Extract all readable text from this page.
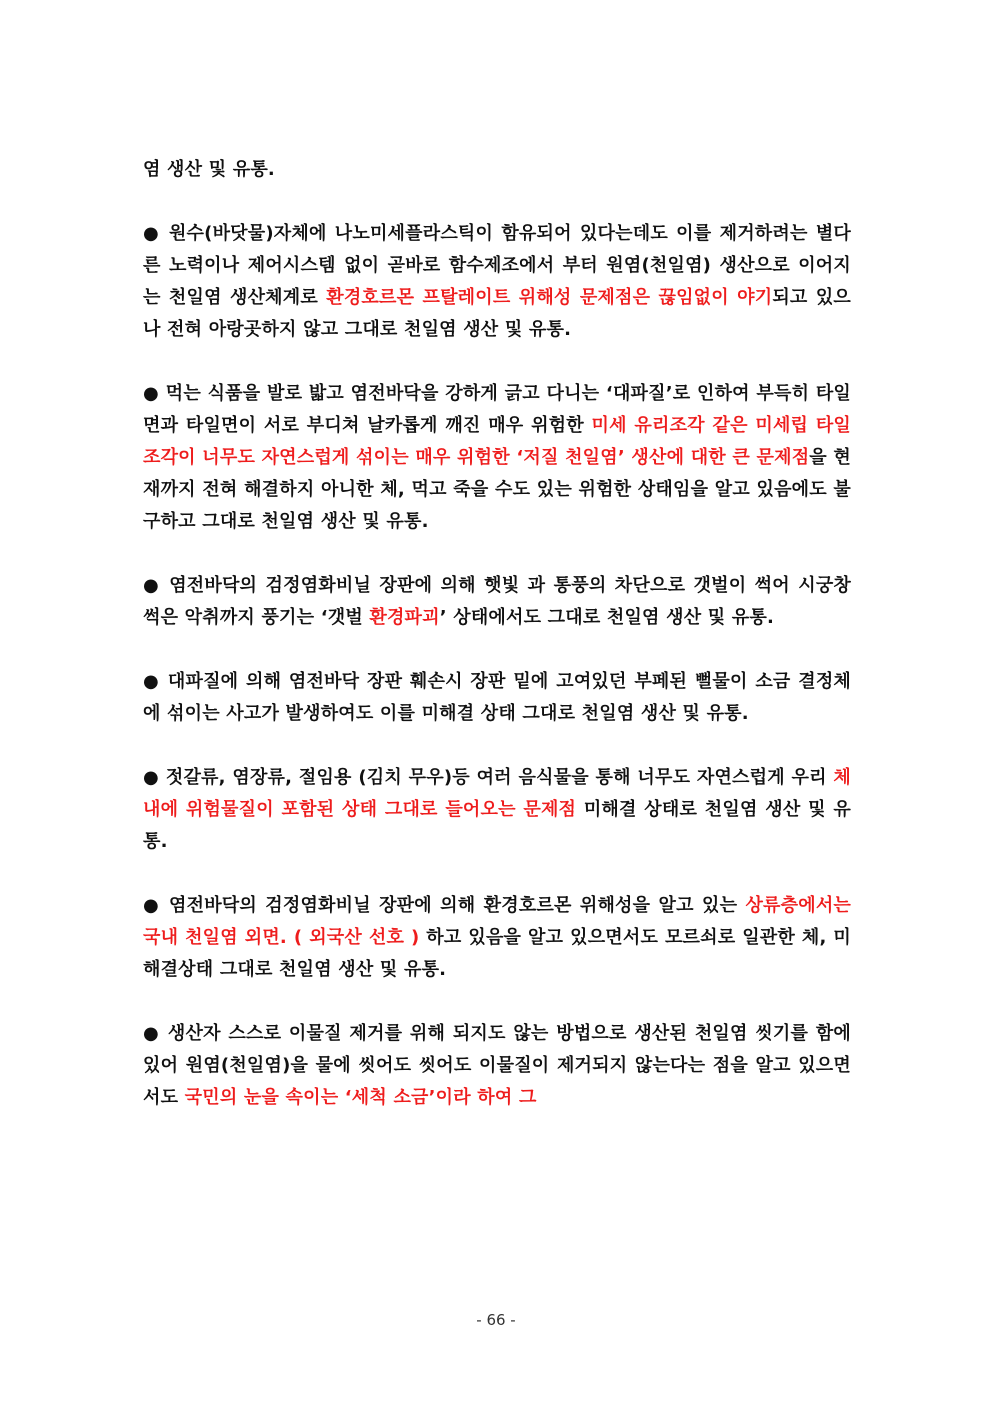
염 생산 및 유통.

● 원수(바닷물)자체에 나노미세플라스틱이 함유되어 있다는데도 이를 제거하려는 별다른 노력이나 제어시스템 없이 곧바로 함수제조에서 부터 원염(천일염) 생산으로 이어지는 천일염 생산체계로 환경호르몬 프탈레이트 위해성 문제점은 끊임없이 야기되고 있으나 전혀 아랑곳하지 않고 그대로 천일염 생산 및 유통.

● 먹는 식품을 발로 밟고 염전바닥을 강하게 긁고 다니는 ‘대파질’로 인하여 부득히 타일면과 타일면이 서로 부디쳐 날카롭게 깨진 매우 위험한 미세 유리조각 같은 미세립 타일조각이 너무도 자연스럽게 섞이는 매우 위험한 ‘저질 천일염’ 생산에 대한 큰 문제점을 현재까지 전혀 해결하지 아니한 체, 먹고 죽을 수도 있는 위험한 상태임을 알고 있음에도 불구하고 그대로 천일염 생산 및 유통.

● 염전바닥의 검정염화비닐 장판에 의해 햇빛 과 통풍의 차단으로 갯벌이 썩어 시궁창 썩은 악취까지 풍기는 ‘갯벌 환경파괴’ 상태에서도 그대로 천일염 생산 및 유통.

● 대파질에 의해 염전바닥 장판 훼손시 장판 밑에 고여있던 부페된 뻘물이 소금 결정체에 섞이는 사고가 발생하여도 이를 미해결 상태 그대로 천일염 생산 및 유통.

● 젓갈류, 염장류, 절임용 (김치 무우)등 여러 음식물을 통해 너무도 자연스럽게 우리 체내에 위험물질이 포함된 상태 그대로 들어오는 문제점 미해결 상태로 천일염 생산 및 유통.

● 염전바닥의 검정염화비닐 장판에 의해 환경호르몬 위해성을 알고 있는 상류층에서는 국내 천일염 외면. ( 외국산 선호 ) 하고 있음을 알고 있으면서도 모르쇠로 일관한 체, 미해결상태 그대로 천일염 생산 및 유통.

● 생산자 스스로 이물질 제거를 위해 되지도 않는 방법으로 생산된 천일염 씻기를 함에 있어 원염(천일염)을 물에 씻어도 씻어도 이물질이 제거되지 않는다는 점을 알고 있으면서도 국민의 눈을 속이는 ‘세척 소금’이라 하여 그

- 66 -
